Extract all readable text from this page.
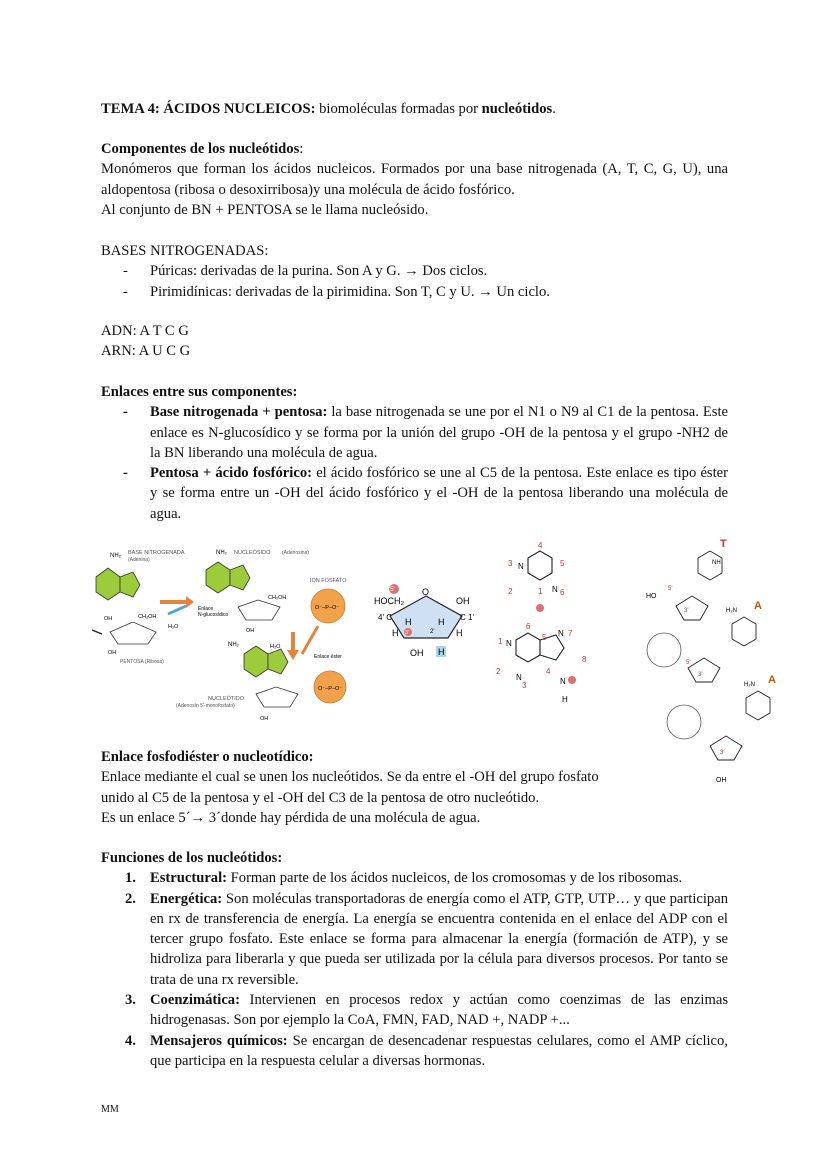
TEMA 4: ÁCIDOS NUCLEICOS: biomoléculas formadas por nucleótidos.
Componentes de los nucleótidos:
Monómeros que forman los ácidos nucleicos. Formados por una base nitrogenada (A, T, C, G, U), una aldopentosa (ribosa o desoxirribosa)y una molécula de ácido fosfórico.
Al conjunto de BN + PENTOSA se le llama nucleósido.
BASES NITROGENADAS:
- Púricas: derivadas de la purina. Son A y G. → Dos ciclos.
- Pirimidínicas: derivadas de la pirimidina. Son T, C y U. → Un ciclo.
ADN: A T C G
ARN: A U C G
Enlaces entre sus componentes:
- Base nitrogenada + pentosa: la base nitrogenada se une por el N1 o N9 al C1 de la pentosa. Este enlace es N-glucosídico y se forma por la unión del grupo -OH de la pentosa y el grupo -NH2 de la BN liberando una molécula de agua.
- Pentosa + ácido fosfórico: el ácido fosfórico se une al C5 de la pentosa. Este enlace es tipo éster y se forma entre un -OH del ácido fosfórico y el -OH de la pentosa liberando una molécula de agua.
NH₂ BASE NITROGENADA
(Adenina)
OH	CH₂OH
OH
PENTOSA (Ribosa)
H₂O
Enlace
N-glucosídico
NH₂ NUCLEÓSIDO (Adenosina)
CH₂OH
OH
ION FOSFATO
O⁻–P–O⁻
H₂O
Enlace éster
NH₂
O⁻–P–O⁻
NUCLEÓTIDO
(Adenosín 5'-monofosfato)
OH
5'
HOCH₂
O
OH
4' C	C 1'
H	H
3'	2'
H	H
OH H
4
5
6
3
2	1
N
N
6
5	7
8
4
3
2
1 N
N
N
N
H
T
NH
HO
5'
3'	A
H₂N
5'
3'	A
H₂N
3'
OH
Enlace fosfodiéster o nucleotídico:
Enlace mediante el cual se unen los nucleótidos. Se da entre el -OH del grupo fosfato
unido al C5 de la pentosa y el -OH del C3 de la pentosa de otro nucleótido.
Es un enlace 5´→ 3´donde hay pérdida de una molécula de agua.
Funciones de los nucleótidos:
1. Estructural: Forman parte de los ácidos nucleicos, de los cromosomas y de los ribosomas.
2. Energética: Son moléculas transportadoras de energía como el ATP, GTP, UTP… y que participan en rx de transferencia de energía. La energía se encuentra contenida en el enlace del ADP con el tercer grupo fosfato. Este enlace se forma para almacenar la energía (formación de ATP), y se hidroliza para liberarla y que pueda ser utilizada por la célula para diversos procesos. Por tanto se trata de una rx reversible.
3. Coenzimática: Intervienen en procesos redox y actúan como coenzimas de las enzimas hidrogenasas. Son por ejemplo la CoA, FMN, FAD, NAD +, NADP +...
4. Mensajeros químicos: Se encargan de desencadenar respuestas celulares, como el AMP cíclico, que participa en la respuesta celular a diversas hormonas.
MM
